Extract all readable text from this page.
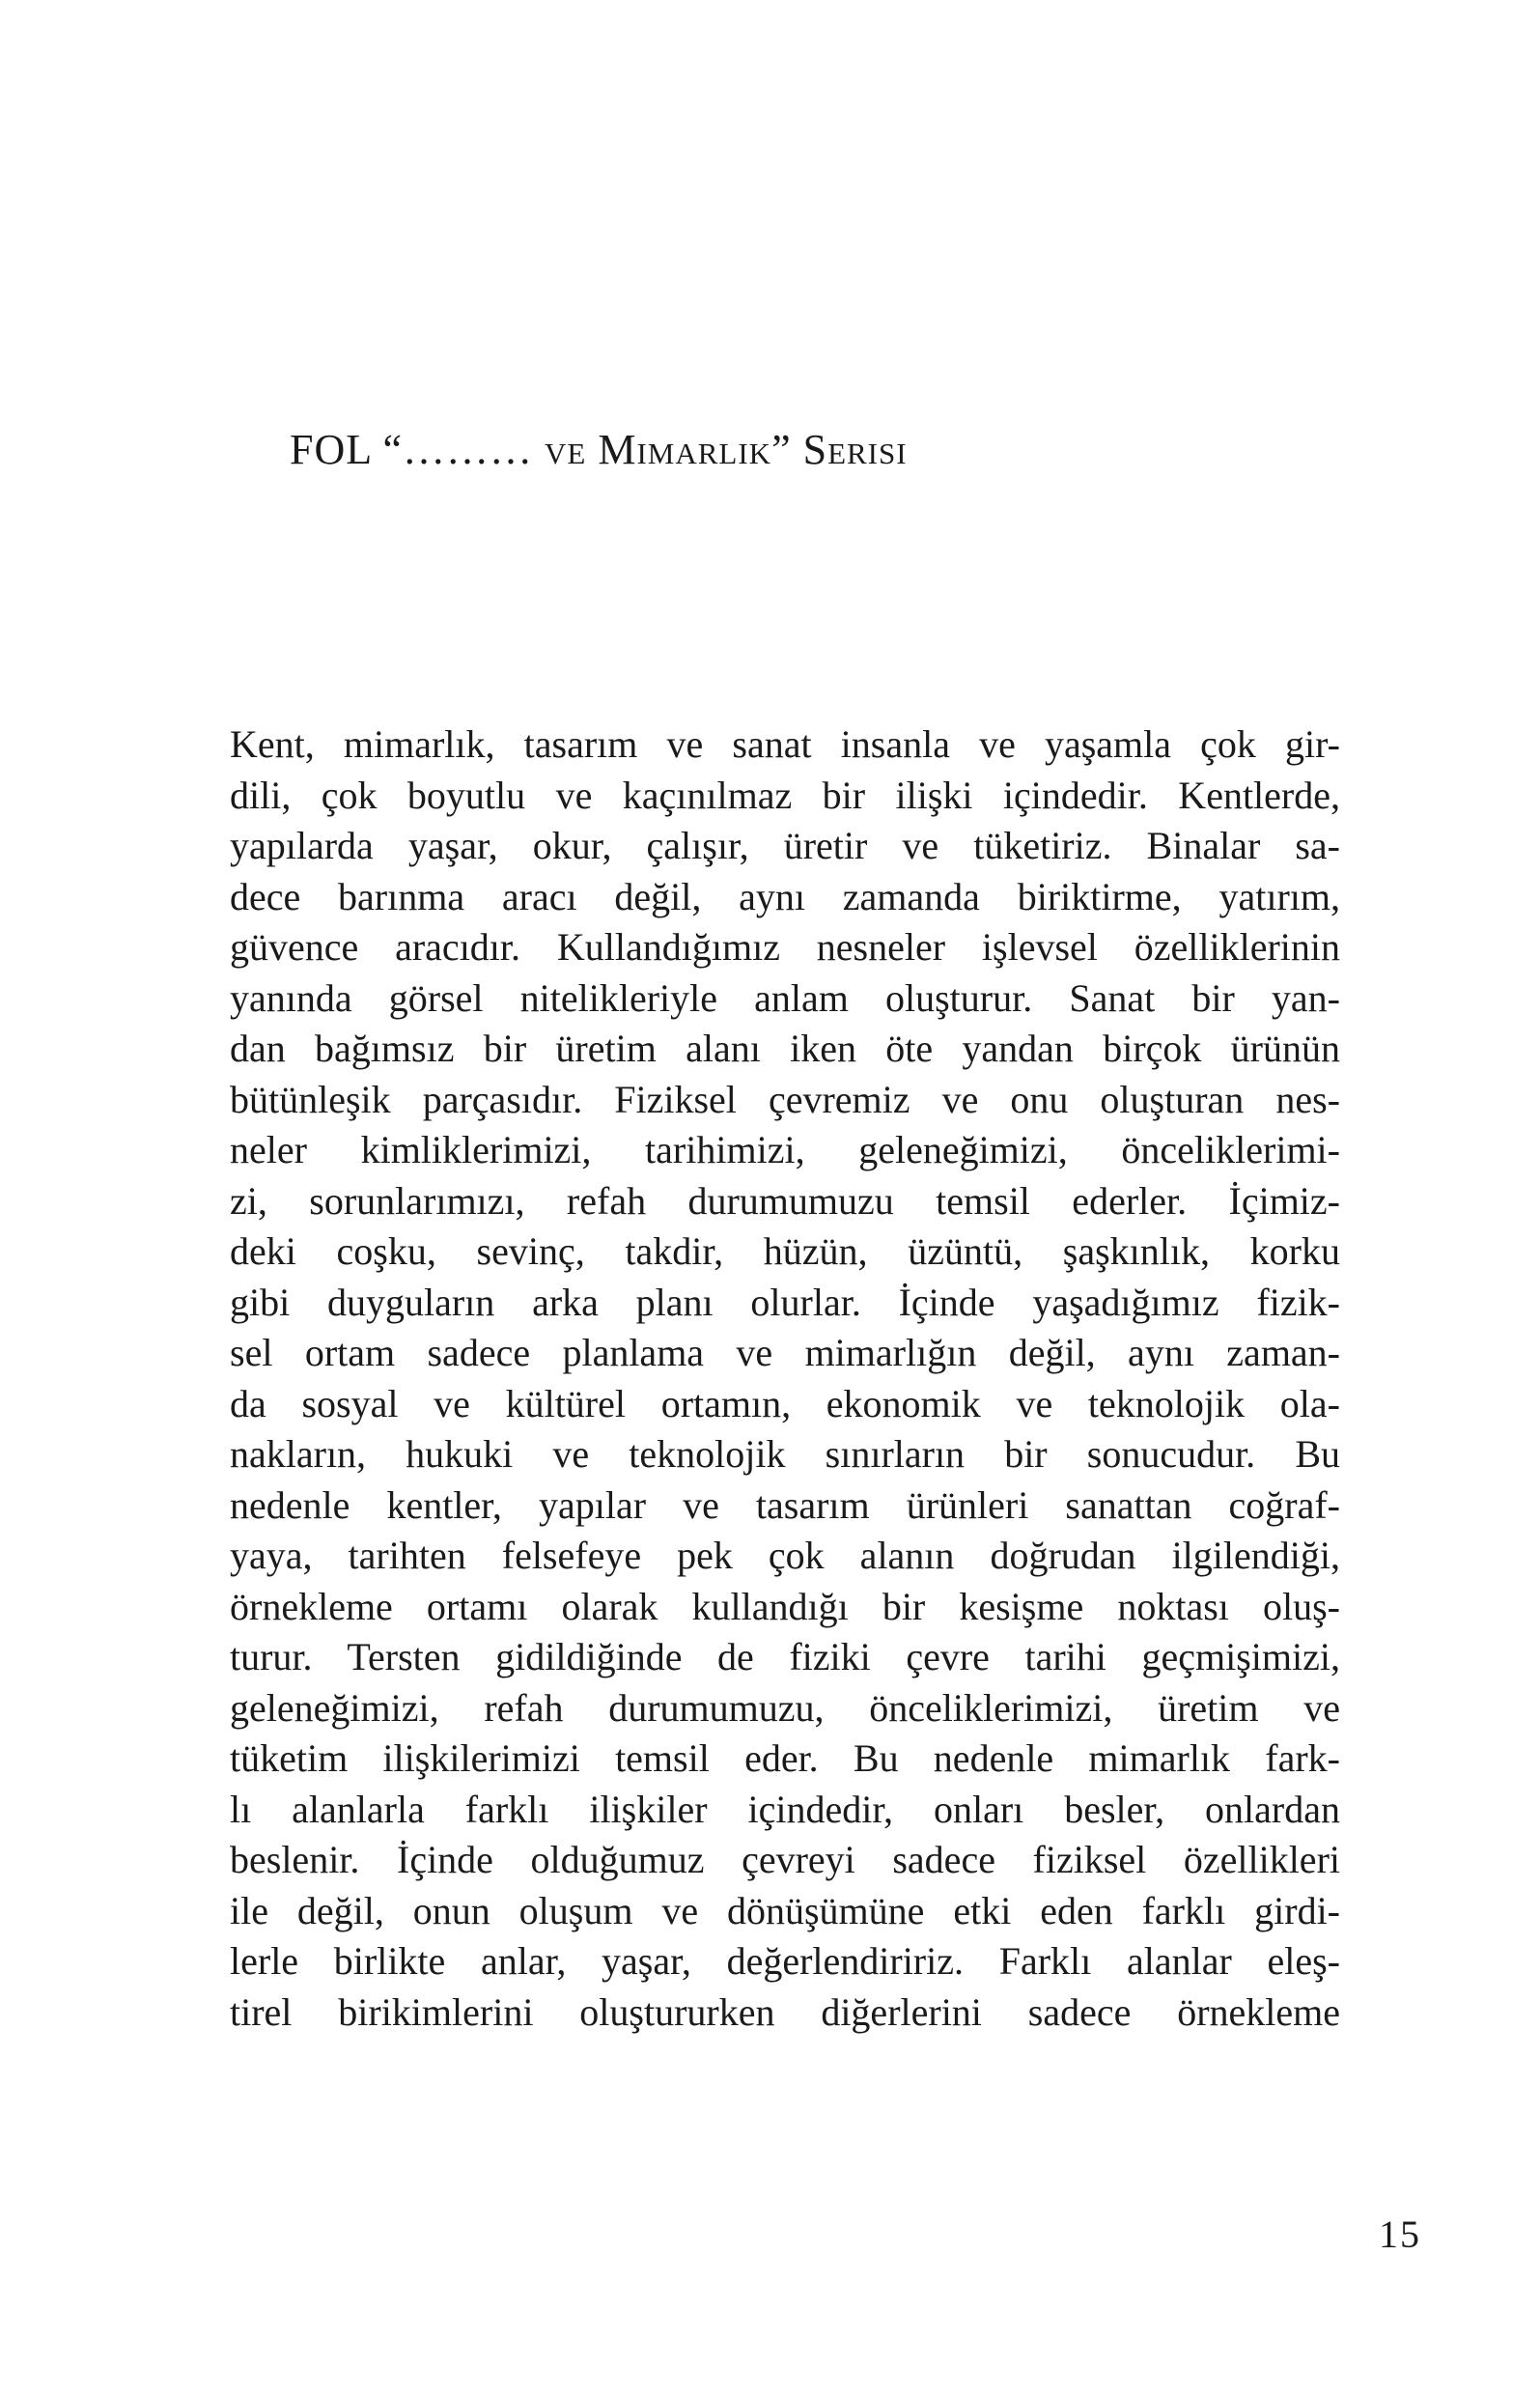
FOL “……… ve Mimarlık” Serisi
Kent, mimarlık, tasarım ve sanat insanla ve yaşamla çok gir-
dili, çok boyutlu ve kaçınılmaz bir ilişki içindedir. Kentlerde,
yapılarda yaşar, okur, çalışır, üretir ve tüketiriz. Binalar sa-
dece barınma aracı değil, aynı zamanda biriktirme, yatırım,
güvence aracıdır. Kullandığımız nesneler işlevsel özelliklerinin
yanında görsel nitelikleriyle anlam oluşturur. Sanat bir yan-
dan bağımsız bir üretim alanı iken öte yandan birçok ürünün
bütünleşik parçasıdır. Fiziksel çevremiz ve onu oluşturan nes-
neler kimliklerimizi, tarihimizi, geleneğimizi, önceliklerimi-
zi, sorunlarımızı, refah durumumuzu temsil ederler. İçimiz-
deki coşku, sevinç, takdir, hüzün, üzüntü, şaşkınlık, korku
gibi duyguların arka planı olurlar. İçinde yaşadığımız fizik-
sel ortam sadece planlama ve mimarlığın değil, aynı zaman-
da sosyal ve kültürel ortamın, ekonomik ve teknolojik ola-
nakların, hukuki ve teknolojik sınırların bir sonucudur. Bu
nedenle kentler, yapılar ve tasarım ürünleri sanattan coğraf-
yaya, tarihten felsefeye pek çok alanın doğrudan ilgilendiği,
örnekleme ortamı olarak kullandığı bir kesişme noktası oluş-
turur. Tersten gidildiğinde de fiziki çevre tarihi geçmişimizi,
geleneğimizi, refah durumumuzu, önceliklerimizi, üretim ve
tüketim ilişkilerimizi temsil eder. Bu nedenle mimarlık fark-
lı alanlarla farklı ilişkiler içindedir, onları besler, onlardan
beslenir. İçinde olduğumuz çevreyi sadece fiziksel özellikleri
ile değil, onun oluşum ve dönüşümüne etki eden farklı girdi-
lerle birlikte anlar, yaşar, değerlendiririz. Farklı alanlar eleş-
tirel birikimlerini oluştururken diğerlerini sadece örnekleme
15
